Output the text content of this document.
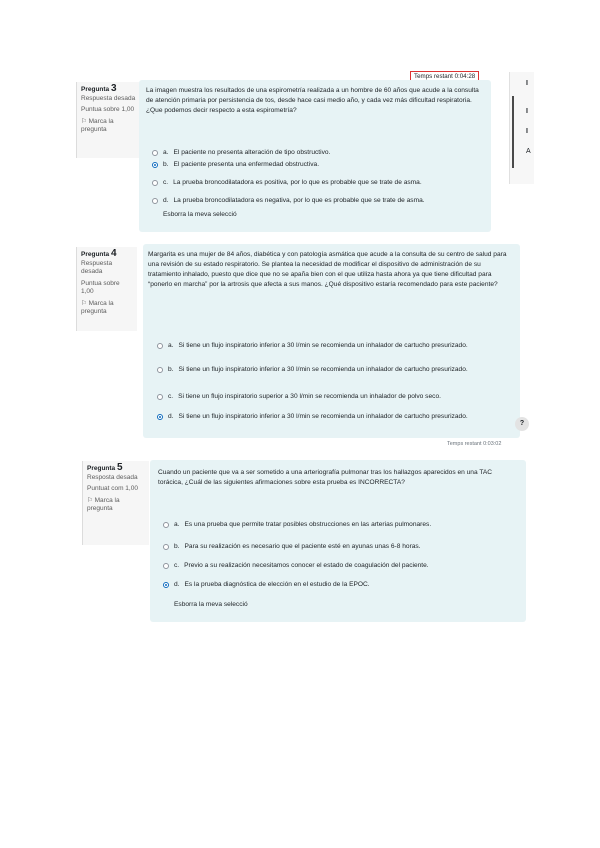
Pregunta 3
Respuesta desada
Puntua sobre 1,00
⚐ Marca la pregunta
Temps restant 0:04:28
La imagen muestra los resultados de una espirometría realizada a un hombre de 60 años que acude a la consulta de atención primaria por persistencia de tos, desde hace casi medio año, y cada vez más dificultad respiratoria. ¿Que podemos decir respecto a esta espirometría?
a. El paciente no presenta alteración de tipo obstructivo.
b. El paciente presenta una enfermedad obstructiva.
c. La prueba broncodilatadora es positiva, por lo que es probable que se trate de asma.
d. La prueba broncodilatadora es negativa, por lo que es probable que se trate de asma.
Esborra la meva selecció
I
I
I
A
Pregunta 4
Respuesta desada
Puntua sobre 1,00
⚐ Marca la pregunta
Margarita es una mujer de 84 años, diabética y con patología asmática que acude a la consulta de su centro de salud para una revisión de su estado respiratorio. Se plantea la necesidad de modificar el dispositivo de administración de su tratamiento inhalado, puesto que dice que no se apaña bien con el que utiliza hasta ahora ya que tiene dificultad para “ponerlo en marcha” por la artrosis que afecta a sus manos. ¿Qué dispositivo estaría recomendado para este paciente?
a. Si tiene un flujo inspiratorio inferior a 30 l/min se recomienda un inhalador de cartucho presurizado.
b. Si tiene un flujo inspiratorio inferior a 30 l/min se recomienda un inhalador de cartucho presurizado.
c. Si tiene un flujo inspiratorio superior a 30 l/min se recomienda un inhalador de polvo seco.
d. Si tiene un flujo inspiratorio inferior a 30 l/min se recomienda un inhalador de cartucho presurizado.
?
Temps restant 0:03:02
Pregunta 5
Resposta desada
Puntuat com 1,00
⚐ Marca la pregunta
Cuando un paciente que va a ser sometido a una arteriografía pulmonar tras los hallazgos aparecidos en una TAC torácica, ¿Cuál de las siguientes afirmaciones sobre esta prueba es INCORRECTA?
a. Es una prueba que permite tratar posibles obstrucciones en las arterias pulmonares.
b. Para su realización es necesario que el paciente esté en ayunas unas 6-8 horas.
c. Previo a su realización necesitamos conocer el estado de coagulación del paciente.
d. Es la prueba diagnóstica de elección en el estudio de la EPOC.
Esborra la meva selecció
